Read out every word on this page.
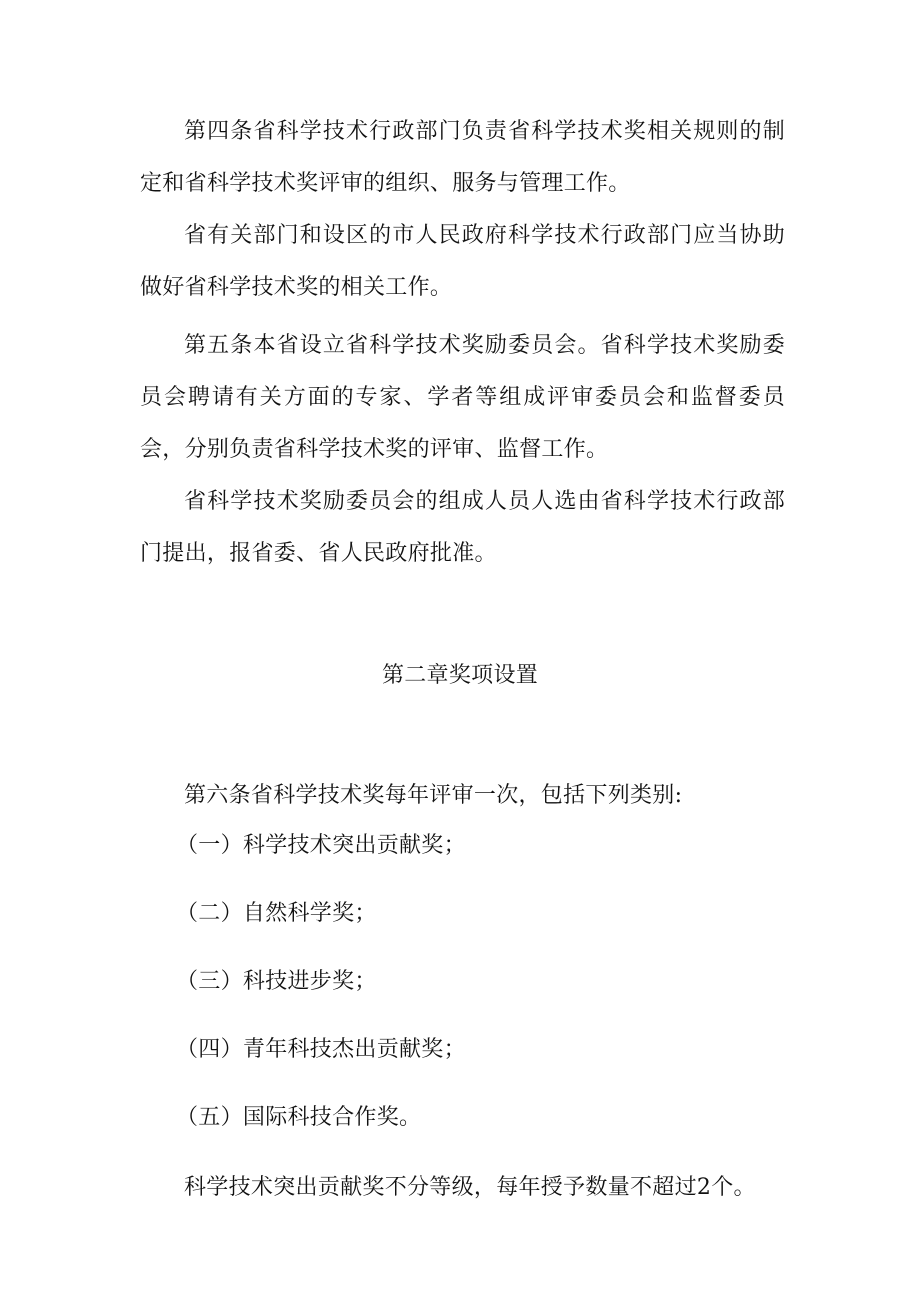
第四条省科学技术行政部门负责省科学技术奖相关规则的制定和省科学技术奖评审的组织、服务与管理工作。

省有关部门和设区的市人民政府科学技术行政部门应当协助做好省科学技术奖的相关工作。

第五条本省设立省科学技术奖励委员会。省科学技术奖励委员会聘请有关方面的专家、学者等组成评审委员会和监督委员会，分别负责省科学技术奖的评审、监督工作。

省科学技术奖励委员会的组成人员人选由省科学技术行政部门提出，报省委、省人民政府批准。

第二章奖项设置

第六条省科学技术奖每年评审一次，包括下列类别:

（一）科学技术突出贡献奖；

（二）自然科学奖；

（三）科技进步奖；

（四）青年科技杰出贡献奖；

（五）国际科技合作奖。

科学技术突出贡献奖不分等级，每年授予数量不超过2个。
